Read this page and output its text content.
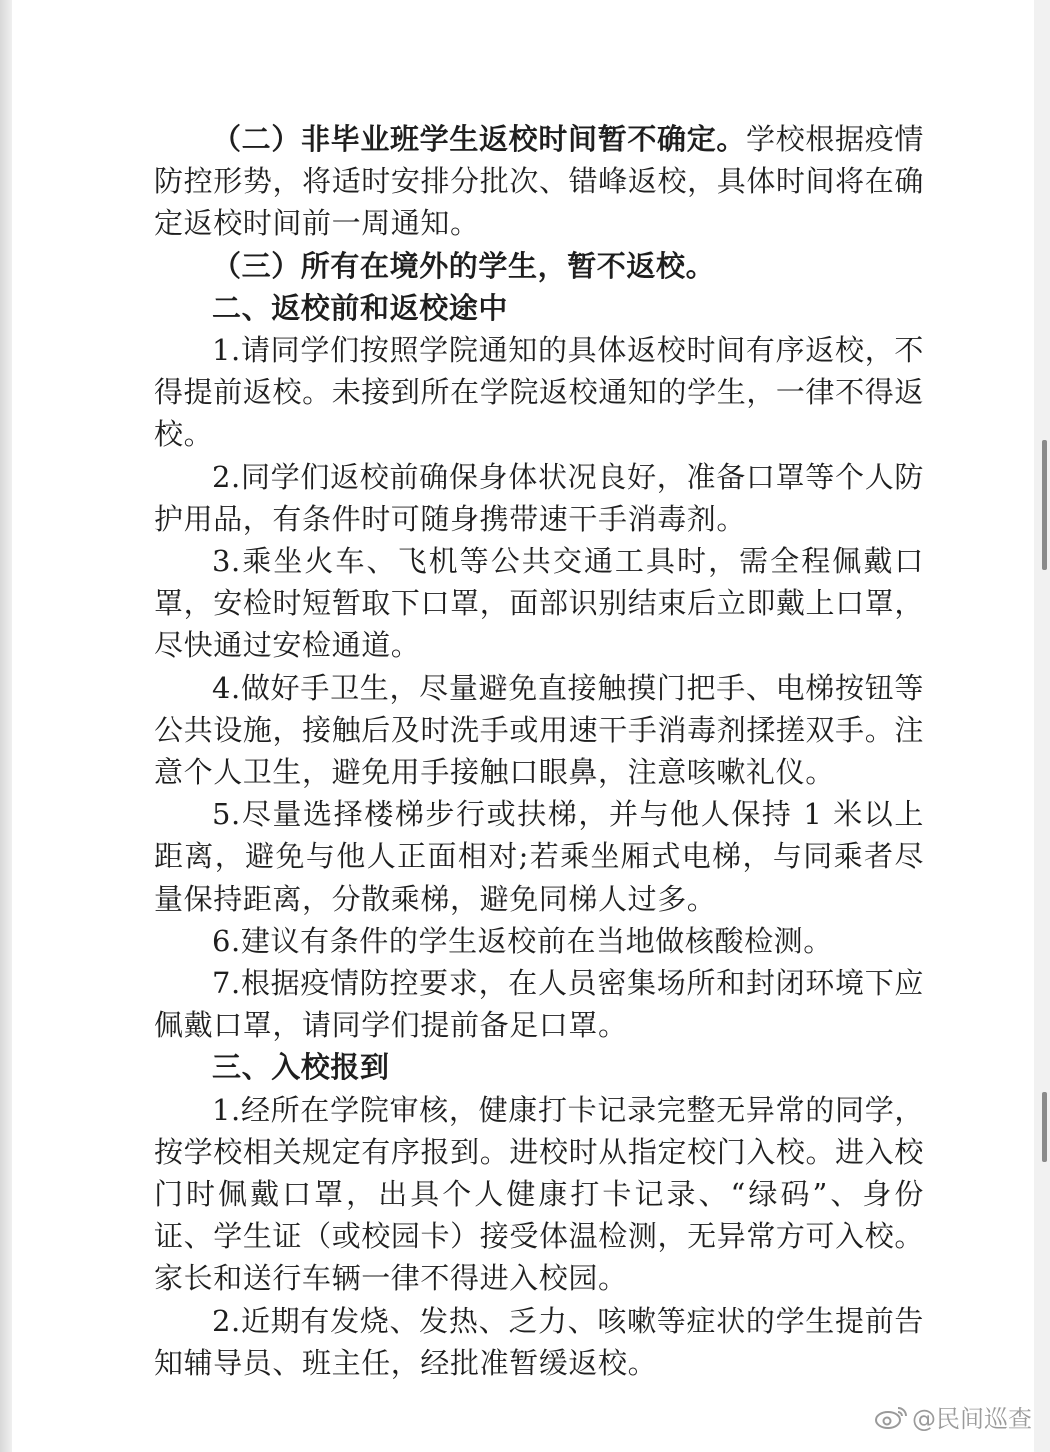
（二）非毕业班学生返校时间暂不确定。学校根据疫情防控形势，将适时安排分批次、错峰返校，具体时间将在确定返校时间前一周通知。

（三）所有在境外的学生，暂不返校。

二、返校前和返校途中

1.请同学们按照学院通知的具体返校时间有序返校，不得提前返校。未接到所在学院返校通知的学生，一律不得返校。

2.同学们返校前确保身体状况良好，准备口罩等个人防护用品，有条件时可随身携带速干手消毒剂。

3.乘坐火车、飞机等公共交通工具时，需全程佩戴口罩，安检时短暂取下口罩，面部识别结束后立即戴上口罩，尽快通过安检通道。

4.做好手卫生，尽量避免直接触摸门把手、电梯按钮等公共设施，接触后及时洗手或用速干手消毒剂揉搓双手。注意个人卫生，避免用手接触口眼鼻，注意咳嗽礼仪。

5.尽量选择楼梯步行或扶梯，并与他人保持 1 米以上距离，避免与他人正面相对;若乘坐厢式电梯，与同乘者尽量保持距离，分散乘梯，避免同梯人过多。

6.建议有条件的学生返校前在当地做核酸检测。

7.根据疫情防控要求，在人员密集场所和封闭环境下应佩戴口罩，请同学们提前备足口罩。

三、入校报到

1.经所在学院审核，健康打卡记录完整无异常的同学，按学校相关规定有序报到。进校时从指定校门入校。进入校门时佩戴口罩，出具个人健康打卡记录、“绿码”、身份证、学生证（或校园卡）接受体温检测，无异常方可入校。家长和送行车辆一律不得进入校园。

2.近期有发烧、发热、乏力、咳嗽等症状的学生提前告知辅导员、班主任，经批准暂缓返校。

@民间巡查
